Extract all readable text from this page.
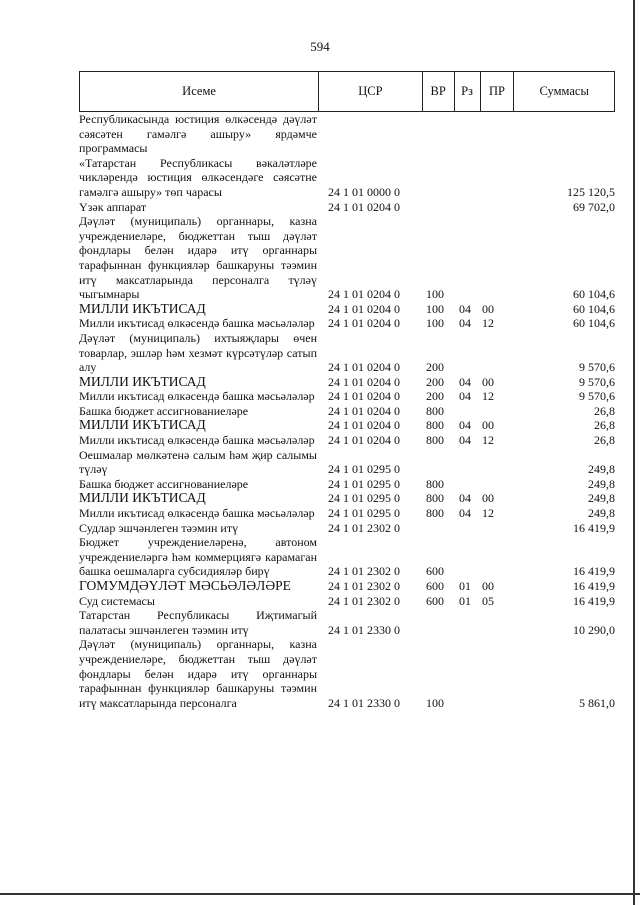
594
Исеме	ЦСР	ВР	Рз	ПР	Суммасы
Республикасында юстиция өлкәсендә дәүләт сәясәтен гамәлгә ашыру» ярдәмче программасы
«Татарстан Республикасы вәкаләтләре чикләрендә юстиция өлкәсендәге сәясәтне гамәлгә ашыру» төп чарасы	24 1 01 0000 0	125 120,5
Үзәк аппарат	24 1 01 0204 0	69 702,0
Дәүләт (муниципаль) органнары, казна учреждениеләре, бюджеттан тыш дәүләт фондлары белән идарә итү органнары тарафыннан функцияләр башкаруны тәэмин итү максатларында персоналга түләү чыгымнары	24 1 01 0204 0	100	60 104,6
МИЛЛИ ИКЪТИСАД	24 1 01 0204 0	100	04 00	60 104,6
Милли икътисад өлкәсендә башка мәсьәләләр	24 1 01 0204 0	100	04 12	60 104,6
Дәүләт (муниципаль) ихтыяҗлары өчен товарлар, эшләр һәм хезмәт күрсәтүләр сатып алу	24 1 01 0204 0	200	9 570,6
МИЛЛИ ИКЪТИСАД	24 1 01 0204 0	200	04 00	9 570,6
Милли икътисад өлкәсендә башка мәсьәләләр	24 1 01 0204 0	200	04 12	9 570,6
Башка бюджет ассигнованиеләре	24 1 01 0204 0	800	26,8
МИЛЛИ ИКЪТИСАД	24 1 01 0204 0	800	04 00	26,8
Милли икътисад өлкәсендә башка мәсьәләләр	24 1 01 0204 0	800	04 12	26,8
Оешмалар мөлкәтенә салым һәм җир салымы түләү	24 1 01 0295 0	249,8
Башка бюджет ассигнованиеләре	24 1 01 0295 0	800	249,8
МИЛЛИ ИКЪТИСАД	24 1 01 0295 0	800	04 00	249,8
Милли икътисад өлкәсендә башка мәсьәләләр	24 1 01 0295 0	800	04 12	249,8
Судлар эшчәнлеген тәэмин итү	24 1 01 2302 0	16 419,9
Бюджет учреждениеләренә, автоном учреждениеләргә һәм коммерциягә карамаган башка оешмаларга субсидияләр бирү	24 1 01 2302 0	600	16 419,9
ГОМУМДӘҮЛӘТ МӘСЬӘЛӘЛӘРЕ	24 1 01 2302 0	600	01 00	16 419,9
Суд системасы	24 1 01 2302 0	600	01 05	16 419,9
Татарстан Республикасы Иҗтимагый палатасы эшчәнлеген тәэмин итү	24 1 01 2330 0	10 290,0
Дәүләт (муниципаль) органнары, казна учреждениеләре, бюджеттан тыш дәүләт фондлары белән идарә итү органнары тарафыннан функцияләр башкаруны тәэмин итү максатларында персоналга	24 1 01 2330 0	100	5 861,0
